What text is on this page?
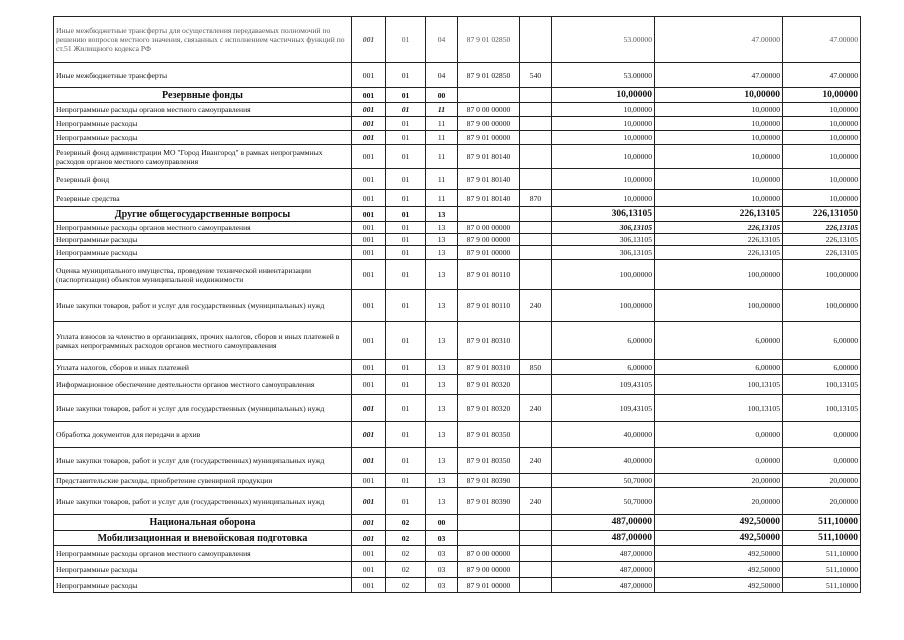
Иные межбюджетные трансферты для осуществления передаваемых полномочий по решению вопросов местного значения, связанных с исполнением частичных функций по ст.51 Жилищного кодекса РФ	001	01	04	87 9 01 02850		53.00000	47.00000	47.00000
Иные межбюджетные трансферты	001	01	04	87 9 01 02850	540	53.00000	47.00000	47.00000
Резервные фонды	001	01	00			10,00000	10,00000	10,00000
Непрограммные расходы органов местного самоуправления	001	01	11	87 0 00 00000		10,00000	10,00000	10,00000
Непрограммные расходы	001	01	11	87 9 00 00000		10,00000	10,00000	10,00000
Непрограммные расходы	001	01	11	87 9 01 00000		10,00000	10,00000	10,00000
Резервный фонд администрации МО "Город Ивангород" в рамках непрограммных расходов органов местного самоуправления	001	01	11	87 9 01 80140		10,00000	10,00000	10,00000
Резервный фонд	001	01	11	87 9 01 80140		10,00000	10,00000	10,00000
Резервные средства	001	01	11	87 9 01 80140	870	10,00000	10,00000	10,00000
Другие общегосударственные вопросы	001	01	13			306,13105	226,13105	226,131050
Непрограммные расходы органов местного самоуправления	001	01	13	87 0 00 00000		306,13105	226,13105	226,13105
Непрограммные расходы	001	01	13	87 9 00 00000		306,13105	226,13105	226,13105
Непрограммные расходы	001	01	13	87 9 01 00000		306,13105	226,13105	226,13105
Оценка муниципального имущества, проведение технической инвентаризации (паспортизации) объектов муниципальной недвижимости	001	01	13	87 9 01 80110		100,00000	100,00000	100,00000
Иные закупки товаров, работ и услуг для государственных (муниципальных) нужд	001	01	13	87 9 01 80110	240	100,00000	100,00000	100,00000
Уплата взносов за членство в организациях, прочих налогов, сборов и иных платежей в рамках непрограммных расходов органов местного самоуправления	001	01	13	87 9 01 80310		6,00000	6,00000	6,00000
Уплата налогов, сборов и иных платежей	001	01	13	87 9 01 80310	850	6,00000	6,00000	6,00000
Информационное обеспечение деятельности органов местного самоуправления	001	01	13	87 9 01 80320		109,43105	100,13105	100,13105
Иные закупки товаров, работ и услуг для государственных (муниципальных) нужд	001	01	13	87 9 01 80320	240	109,43105	100,13105	100,13105
Обработка документов для передачи в архив	001	01	13	87 9 01 80350		40,00000	0,00000	0,00000
Иные закупки товаров, работ и услуг для (государственных) муниципальных нужд	001	01	13	87 9 01 80350	240	40,00000	0,00000	0,00000
Представительские расходы, приобретение сувенирной продукции	001	01	13	87 9 01 80390		50,70000	20,00000	20,00000
Иные закупки товаров, работ и услуг для (государственных) муниципальных нужд	001	01	13	87 9 01 80390	240	50,70000	20,00000	20,00000
Национальная оборона	001	02	00			487,00000	492,50000	511,10000
Мобилизационная и вневойсковая подготовка	001	02	03			487,00000	492,50000	511,10000
Непрограммные расходы органов местного самоуправления	001	02	03	87 0 00 00000		487,00000	492,50000	511,10000
Непрограммные расходы	001	02	03	87 9 00 00000		487,00000	492,50000	511,10000
Непрограммные расходы	001	02	03	87 9 01 00000		487,00000	492,50000	511,10000
